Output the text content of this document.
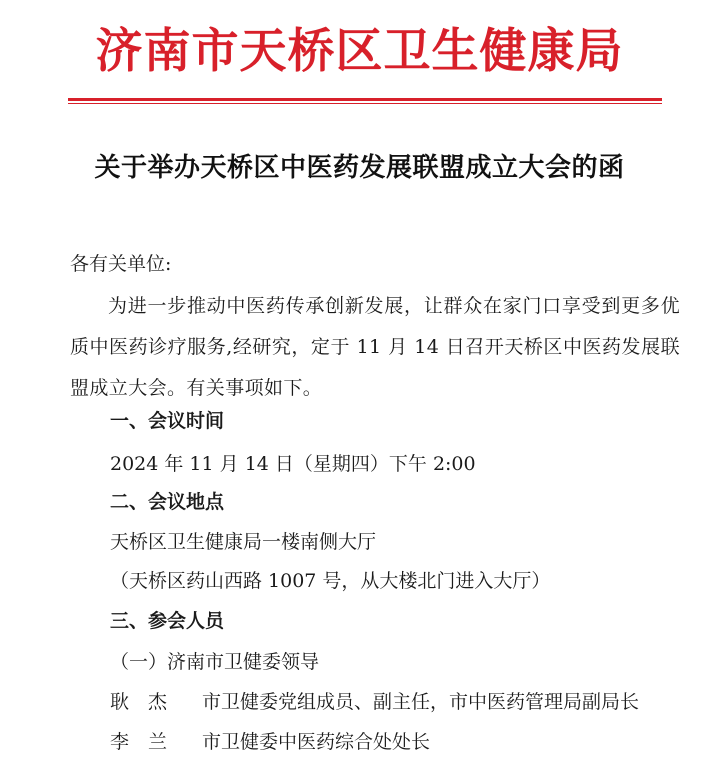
济南市天桥区卫生健康局
关于举办天桥区中医药发展联盟成立大会的函
各有关单位:
为进一步推动中医药传承创新发展，让群众在家门口享受到更多优质中医药诊疗服务,经研究，定于 11 月 14 日召开天桥区中医药发展联盟成立大会。有关事项如下。
一、会议时间
2024 年 11 月 14 日（星期四）下午 2:00
二、会议地点
天桥区卫生健康局一楼南侧大厅
（天桥区药山西路 1007 号，从大楼北门进入大厅）
三、参会人员
（一）济南市卫健委领导
耿　杰 市卫健委党组成员、副主任，市中医药管理局副局长
李　兰 市卫健委中医药综合处处长
